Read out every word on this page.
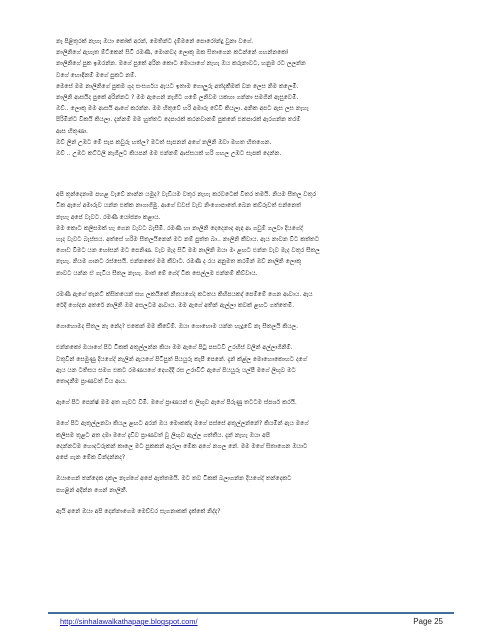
නෑ පිළිතුරක් නැහැ ඔයා කෝක් අරන්, මෙතින්ට දැම්මනේ පොරෝන්දු වුනා වගේ.

නාලිනිගේ ඇහැත ම්ට්කෙන් සිටි රමණි, මොනවද ලොකු ඔක සිතාගෙන කටන්නේ ගහන්නකෝ

නාලිනිගේ පුක ඉඹරන්න. මගේ පුකේ අරින කොට මොයාගේ නැහැ ඔය කරුනාවට, හනුම රට ලලන්න

වගේ හොඳිනම් මගේ පුකට නම්.

මෙසේ මම නාලිනිගේ පුකම ගුද සංසර්ගය ඇයට ඉතාම ගොලුරු අත්දැකීමක් වන ලෙස නිම කලෙමි.

නාලිනි ආසයිද පුකේ අරින්නට ? මම ඇගෙන් නැගීට ගමේ ලනිවම යකහා ගන්නා සමගින් ඇසුවෙමි.

ඔව්.. ලොකු මම ආසයි ආගේ කරන්න. මම හිතුවේ හරි අමාරු වේවි කියලා. අනික අපට ඇස ලස නැහැ

පිරිමින්ට වීකයි කියලා. දැන්නම් මම හුත්තට දෙපාරක් කරනවානම් පුකනේ එකපාරක් ඇරගන්න තරම්

ආස හිතුණා.

ඔව් ලීන් උඹට මේ සැප කවුරු හත්ල? මටත් සැපනන් අගේ නලිනි ඔවා මහත හිතගෙන.

ඔව් .. උඹට කට්ටලි නැගීලට කියපන් මම එන්නම් ආස්සයක් හරි ගහල උඹට සැපක් දෙන්න.

අපි තුන්දෙනාම පහළ වැවේ නාන්න යමුද? වැඩියම වතුර නැහැ කරවටෙක් විතර තමයි. නියම සීතල වතුර

ටික ඇගේ අමාරුව යන්න එක්ක නාගාගිමු. ආගේ ඩවස් වැඩ නිංගොපාතේ.බෙන කව්රුවත් එන්නෙත්

නැහැ අපේ වැවට. රමණී යෝජනා කළාය.

මම කොට කලිසමක් හැ ගෙන වැවට බැසීමි. රමණි හා නාලිනි දෙදෙනාද ඇඳ ආ ගවුම් ගලවා දියගේද්

හැද වැවට බැස්සය. අත්සේ හරිම සීතලයිනෙන් මට නම් පුත්ත බා.. නාලිනි කීවාය. ඇය නාවන විට කත්තට

ගොඩ විමට යන හෝසන් මට පෙනිණ. වැව මැද සිටි මම නාලිනි ඔයා මං ළඟට එන්න වැව මැද වතුර සීතල

නැහැ. නියම ගානට රස්සෙයි. එන්නකෝ මම කීවාට. රමණි ද රය අනුමත කරමින් ඔව් නාලිනි ලොකු

නාවට යන්න ඒ ගැටිය සීතල නැහැ. මාත් මේ ගේද් ටික සෙල්ලම එන්නම් කිව්වාය.

රමණී ඇගේ තැනට් ක්සිතයෙන් සහ ලකයිකේ නීතයගේද කටතය කිහිපයකද් පෙම්මේ ගෙන ආවාය. ඇය

රේදි ගෝදන අතරේ නාලිනි ඔම අසලටම ආවාය. මම ඇගේ අතින් ඇල්ලා කවක් ළඟට ගත්තෙමි.

ගොහොමද සීතල නැ නේද? එකෙන් මම කීවේම්. ඔයා ගොහොම යන්න හැදුවේ නැ සීතලයි කියල.

එන්නකෝ ඔයාගේ පිට ටිකක් අතුල්ලන්න කියා මම ඇගේ පිටු පසටවී උරහිස් වලින් අල්ලාගිනිම්.

වතුවින් සෙමුණු දියගේද් නැලින් ඇයගේ පිටිපුත් පියයුරු කැපී පෙනේ. දැන් ක්ළ්ල මොහොකොහට දගේ

ඇය යන ටතිසය සමග එකට රමණයගේ දෙහදිදී රස උරාවිට් ඇගේ පියයුරු යල්පී මගේ ලිඟුව මට

තොදැනීම ප්‍රාණවත් විය ආය.

ඇගේ පිට පෙන්ෂ් මම අත ගැවට වීමි. මගේ ප්‍රාණයන් ළු ලිඟුව ඇගේ පිරුණු තටටම ස්පර්ශ කරයි.

මගේ පිට ඇතුල්ලනවා කියල ළඟට අරන් ඔය මොකක්ද මගේ පස්සේ අතුල්ලන්නේ? කියමින් ඇය මගේ

කලිසම තුළට අත දමා මගේ දැඩිව ප්‍රාණවත් වූ ලිඟුව ඇල්ල ගත්තීය. දැන් නැහැ ඔයා අපි

දෙන්නටම හොදටරුකන් කාලෙ මට පුකකන් ඇරලා මේක අගේ නගල නේ. මම මගේ සිතාගෙන ඔයාට

අපේ ගැන මේක වින්දන්නද?

ඔයාගෙන් තන්දෙක දාකල නැග්ගේ අපේ ඇත්තමයි. මට තව ටිකක් බලාගන්න දියගේද් තන්දෙකට

පහළින් අදින්න ගෙන් නාලිනී.

ඇයි අනේ ඔයා අපි දෙන්නාගෙම මෙච්චර සැගනාකක් දැක්කේ නිද්ද?

http://sinhalawalkathapage.blogspot.com/	Page 25
